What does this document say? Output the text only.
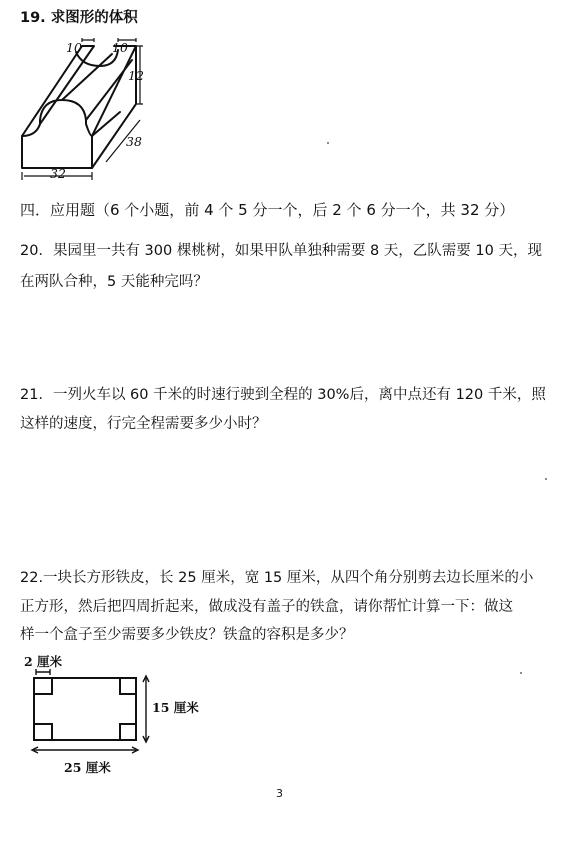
19. 求图形的体积
10 10
12
38
32
四．应用题（6 个小题，前 4 个 5 分一个，后 2 个 6 分一个，共 32 分）
20．果园里一共有 300 棵桃树，如果甲队单独种需要 8 天，乙队需要 10 天，现
在两队合种，5 天能种完吗？
21．一列火车以 60 千米的时速行驶到全程的 30%后，离中点还有 120 千米，照
这样的速度，行完全程需要多少小时？
22.一块长方形铁皮，长 25 厘米，宽 15 厘米，从四个角分别剪去边长厘米的小
正方形，然后把四周折起来，做成没有盖子的铁盒，请你帮忙计算一下：做这
样一个盒子至少需要多少铁皮？铁盒的容积是多少？
2 厘米
15 厘米
25 厘米
3
